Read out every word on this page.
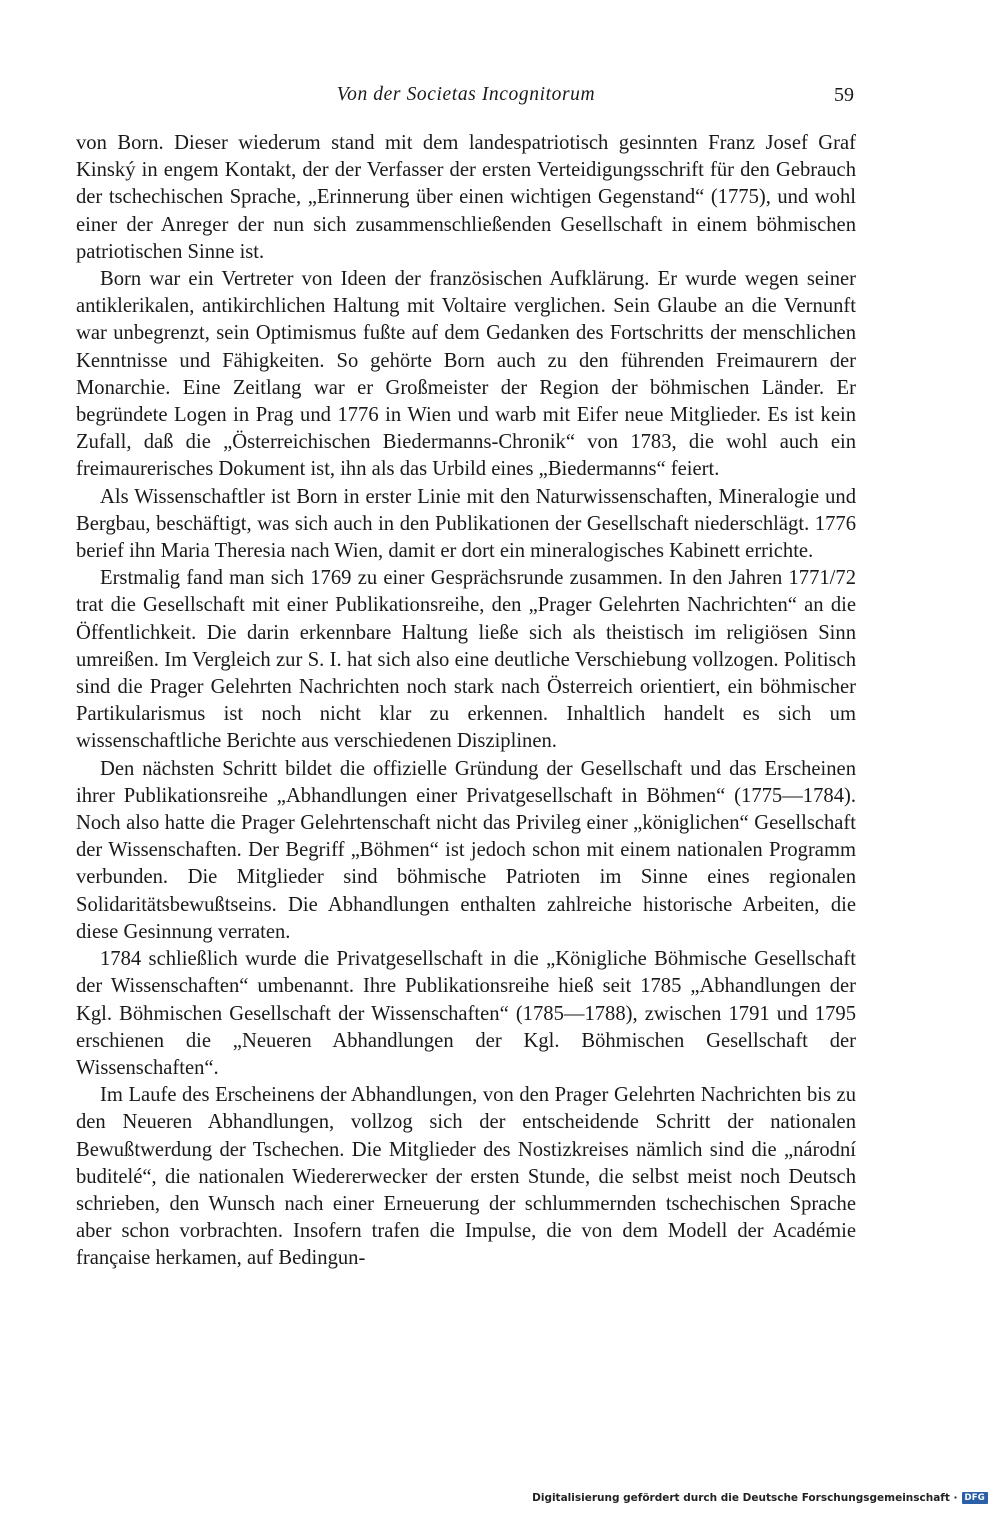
Von der Societas Incognitorum	59

von Born. Dieser wiederum stand mit dem landespatriotisch gesinnten Franz Josef Graf Kinský in engem Kontakt, der der Verfasser der ersten Verteidigungsschrift für den Gebrauch der tschechischen Sprache, „Erinnerung über einen wichtigen Gegenstand“ (1775), und wohl einer der Anreger der nun sich zusammenschließenden Gesellschaft in einem böhmischen patriotischen Sinne ist.

Born war ein Vertreter von Ideen der französischen Aufklärung. Er wurde wegen seiner antiklerikalen, antikirchlichen Haltung mit Voltaire verglichen. Sein Glaube an die Vernunft war unbegrenzt, sein Optimismus fußte auf dem Gedanken des Fortschritts der menschlichen Kenntnisse und Fähigkeiten. So gehörte Born auch zu den führenden Freimaurern der Monarchie. Eine Zeitlang war er Großmeister der Region der böhmischen Länder. Er begründete Logen in Prag und 1776 in Wien und warb mit Eifer neue Mitglieder. Es ist kein Zufall, daß die „Österreichischen Biedermanns-Chronik“ von 1783, die wohl auch ein freimaurerisches Dokument ist, ihn als das Urbild eines „Biedermanns“ feiert.

Als Wissenschaftler ist Born in erster Linie mit den Naturwissenschaften, Mineralogie und Bergbau, beschäftigt, was sich auch in den Publikationen der Gesellschaft niederschlägt. 1776 berief ihn Maria Theresia nach Wien, damit er dort ein mineralogisches Kabinett errichte.

Erstmalig fand man sich 1769 zu einer Gesprächsrunde zusammen. In den Jahren 1771/72 trat die Gesellschaft mit einer Publikationsreihe, den „Prager Gelehrten Nachrichten“ an die Öffentlichkeit. Die darin erkennbare Haltung ließe sich als theistisch im religiösen Sinn umreißen. Im Vergleich zur S. I. hat sich also eine deutliche Verschiebung vollzogen. Politisch sind die Prager Gelehrten Nachrichten noch stark nach Österreich orientiert, ein böhmischer Partikularismus ist noch nicht klar zu erkennen. Inhaltlich handelt es sich um wissenschaftliche Berichte aus verschiedenen Disziplinen.

Den nächsten Schritt bildet die offizielle Gründung der Gesellschaft und das Erscheinen ihrer Publikationsreihe „Abhandlungen einer Privatgesellschaft in Böhmen“ (1775—1784). Noch also hatte die Prager Gelehrtenschaft nicht das Privileg einer „königlichen“ Gesellschaft der Wissenschaften. Der Begriff „Böhmen“ ist jedoch schon mit einem nationalen Programm verbunden. Die Mitglieder sind böhmische Patrioten im Sinne eines regionalen Solidaritätsbewußtseins. Die Abhandlungen enthalten zahlreiche historische Arbeiten, die diese Gesinnung verraten.

1784 schließlich wurde die Privatgesellschaft in die „Königliche Böhmische Gesellschaft der Wissenschaften“ umbenannt. Ihre Publikationsreihe hieß seit 1785 „Abhandlungen der Kgl. Böhmischen Gesellschaft der Wissenschaften“ (1785—1788), zwischen 1791 und 1795 erschienen die „Neueren Abhandlungen der Kgl. Böhmischen Gesellschaft der Wissenschaften“.

Im Laufe des Erscheinens der Abhandlungen, von den Prager Gelehrten Nachrichten bis zu den Neueren Abhandlungen, vollzog sich der entscheidende Schritt der nationalen Bewußtwerdung der Tschechen. Die Mitglieder des Nostizkreises nämlich sind die „národní buditelé“, die nationalen Wiedererwecker der ersten Stunde, die selbst meist noch Deutsch schrieben, den Wunsch nach einer Erneuerung der schlummernden tschechischen Sprache aber schon vorbrachten. Insofern trafen die Impulse, die von dem Modell der Académie française herkamen, auf Bedingun-

Digitalisierung gefördert durch die Deutsche Forschungsgemeinschaft · DFG
